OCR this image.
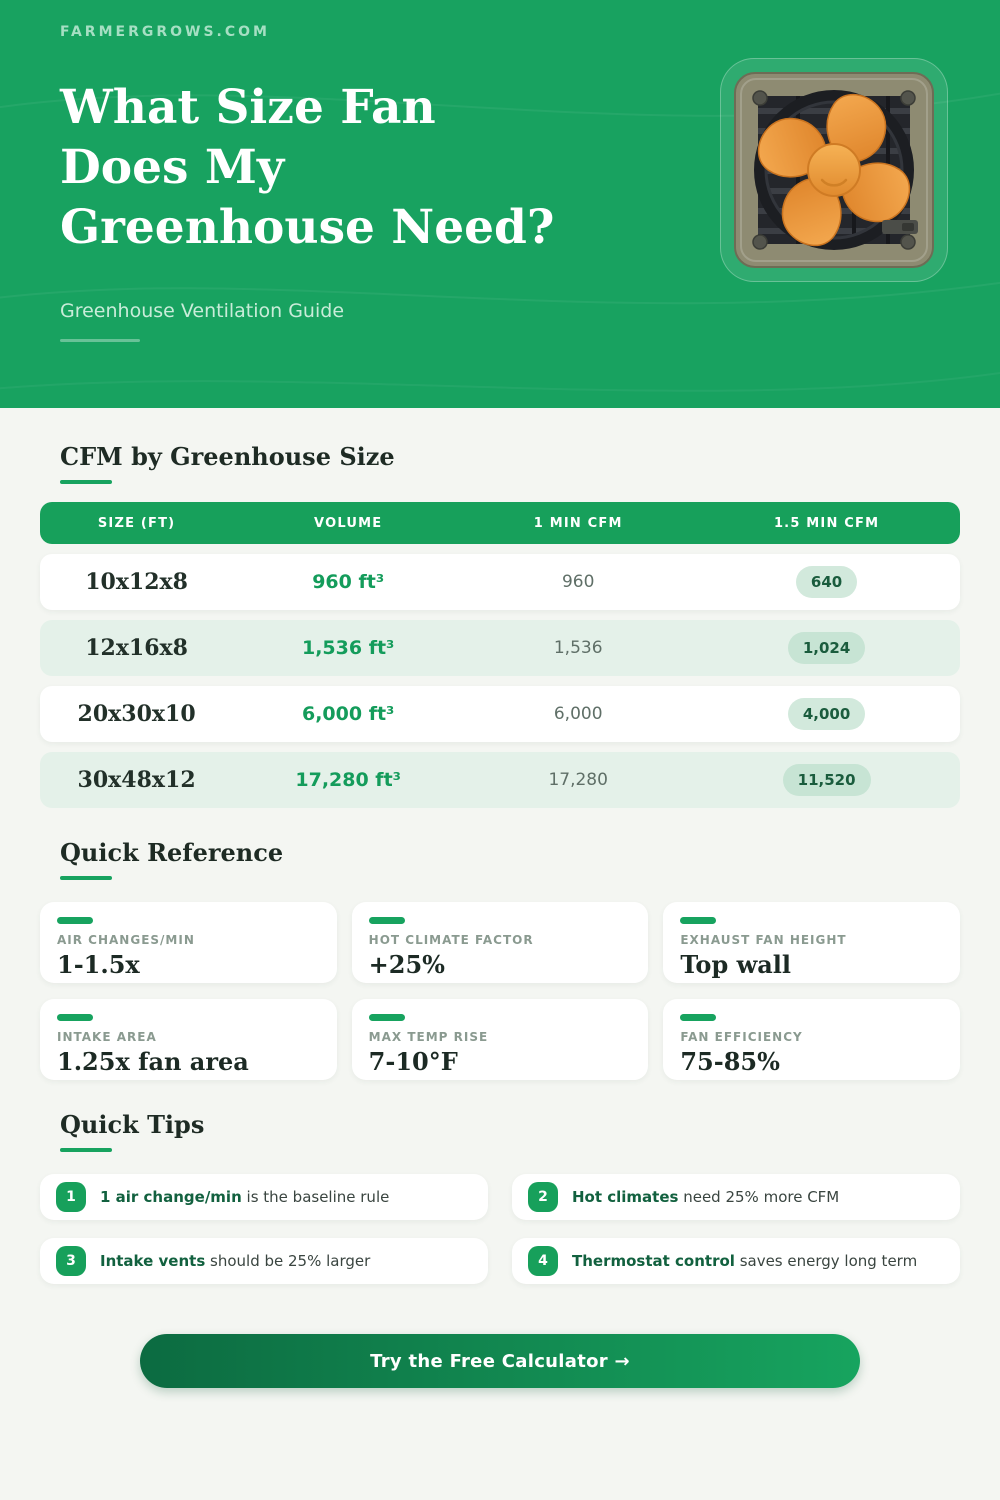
FARMERGROWS.COM
What Size Fan
Does My
Greenhouse Need?
Greenhouse Ventilation Guide
CFM by Greenhouse Size
SIZE (FT)	VOLUME	1 MIN CFM	1.5 MIN CFM
10x12x8	960 ft³	960	640
12x16x8	1,536 ft³	1,536	1,024
20x30x10	6,000 ft³	6,000	4,000
30x48x12	17,280 ft³	17,280	11,520
Quick Reference
AIR CHANGES/MIN
1-1.5x
HOT CLIMATE FACTOR
+25%
EXHAUST FAN HEIGHT
Top wall
INTAKE AREA
1.25x fan area
MAX TEMP RISE
7-10°F
FAN EFFICIENCY
75-85%
Quick Tips
1	1 air change/min is the baseline rule	2	Hot climates need 25% more CFM
3	Intake vents should be 25% larger	4	Thermostat control saves energy long term
Try the Free Calculator →
